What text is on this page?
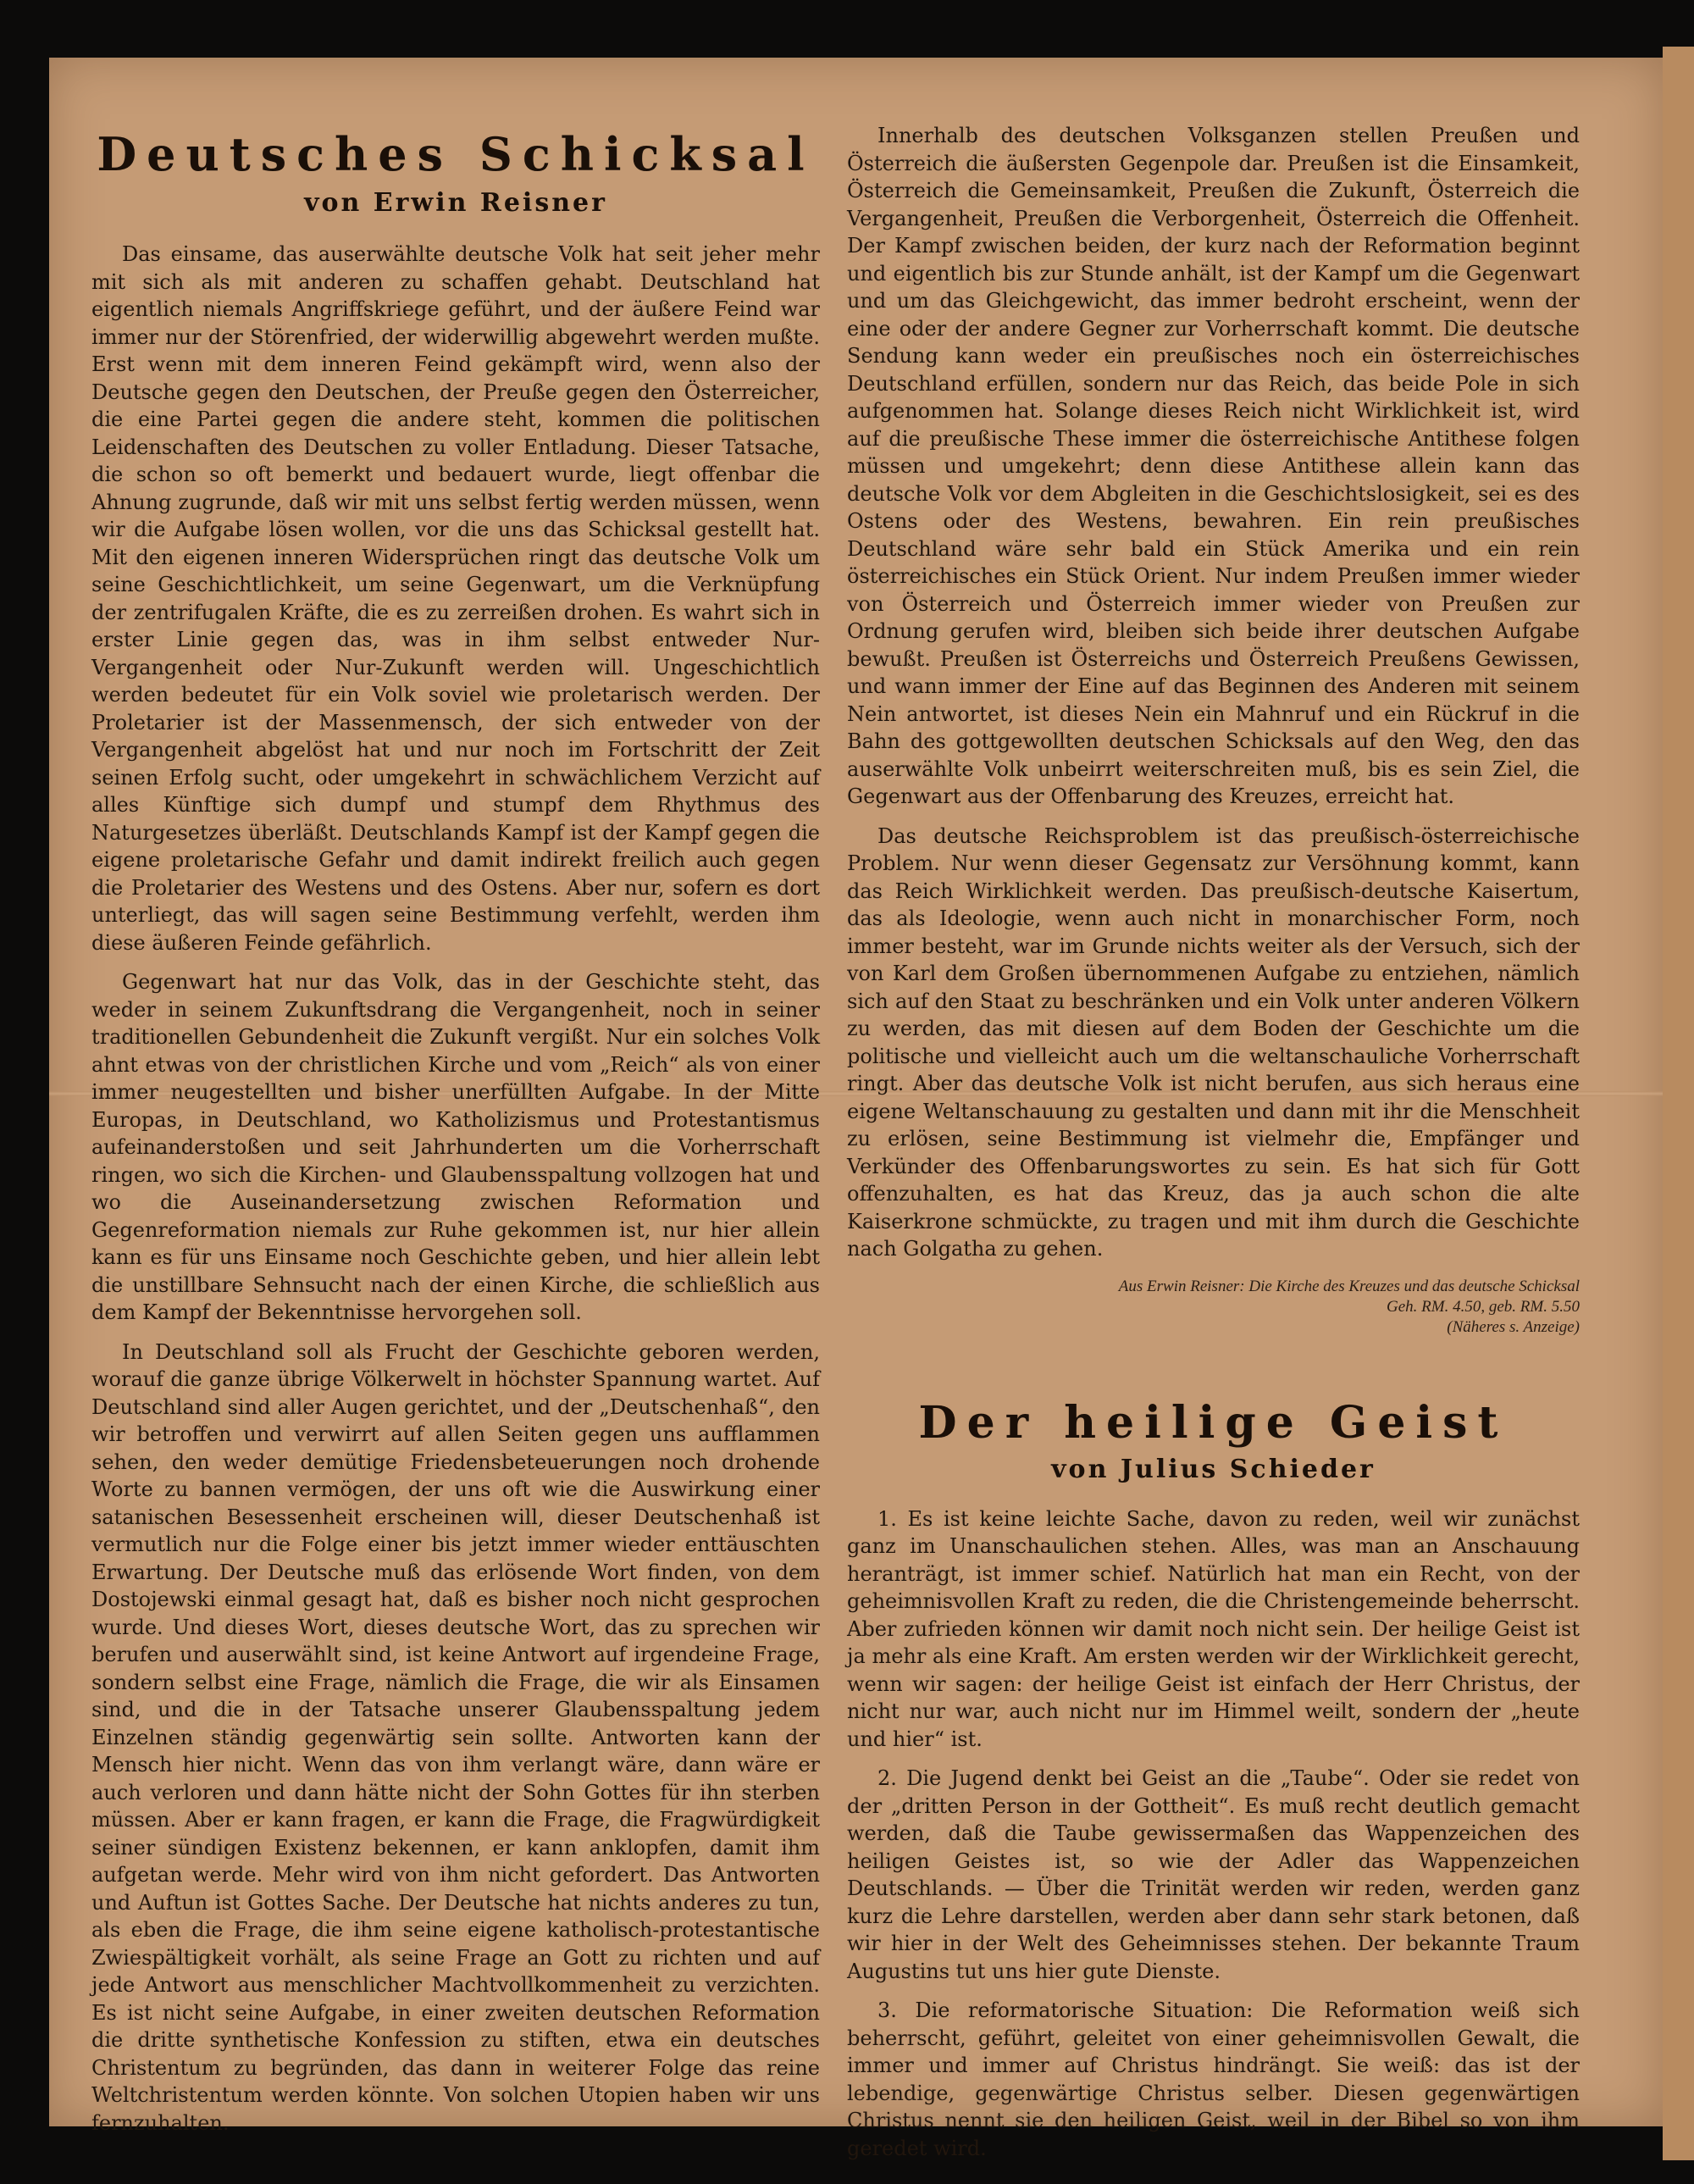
Deutsches Schicksal
von Erwin Reisner

Das einsame, das auserwählte deutsche Volk hat seit jeher mehr mit sich als mit anderen zu schaffen gehabt. Deutschland hat eigentlich niemals Angriffskriege geführt, und der äußere Feind war immer nur der Störenfried, der widerwillig abgewehrt werden mußte. Erst wenn mit dem inneren Feind gekämpft wird, wenn also der Deutsche gegen den Deutschen, der Preuße gegen den Österreicher, die eine Partei gegen die andere steht, kommen die politischen Leidenschaften des Deutschen zu voller Entladung. Dieser Tatsache, die schon so oft bemerkt und bedauert wurde, liegt offenbar die Ahnung zugrunde, daß wir mit uns selbst fertig werden müssen, wenn wir die Aufgabe lösen wollen, vor die uns das Schicksal gestellt hat. Mit den eigenen inneren Widersprüchen ringt das deutsche Volk um seine Geschichtlichkeit, um seine Gegenwart, um die Verknüpfung der zentrifugalen Kräfte, die es zu zerreißen drohen. Es wahrt sich in erster Linie gegen das, was in ihm selbst entweder Nur-Vergangenheit oder Nur-Zukunft werden will. Ungeschichtlich werden bedeutet für ein Volk soviel wie proletarisch werden. Der Proletarier ist der Massenmensch, der sich entweder von der Vergangenheit abgelöst hat und nur noch im Fortschritt der Zeit seinen Erfolg sucht, oder umgekehrt in schwächlichem Verzicht auf alles Künftige sich dumpf und stumpf dem Rhythmus des Naturgesetzes überläßt. Deutschlands Kampf ist der Kampf gegen die eigene proletarische Gefahr und damit indirekt freilich auch gegen die Proletarier des Westens und des Ostens. Aber nur, sofern es dort unterliegt, das will sagen seine Bestimmung verfehlt, werden ihm diese äußeren Feinde gefährlich.

Gegenwart hat nur das Volk, das in der Geschichte steht, das weder in seinem Zukunftsdrang die Vergangenheit, noch in seiner traditionellen Gebundenheit die Zukunft vergißt. Nur ein solches Volk ahnt etwas von der christlichen Kirche und vom „Reich“ als von einer immer neugestellten und bisher unerfüllten Aufgabe. In der Mitte Europas, in Deutschland, wo Katholizismus und Protestantismus aufeinanderstoßen und seit Jahrhunderten um die Vorherrschaft ringen, wo sich die Kirchen- und Glaubensspaltung vollzogen hat und wo die Auseinandersetzung zwischen Reformation und Gegenreformation niemals zur Ruhe gekommen ist, nur hier allein kann es für uns Einsame noch Geschichte geben, und hier allein lebt die unstillbare Sehnsucht nach der einen Kirche, die schließlich aus dem Kampf der Bekenntnisse hervorgehen soll.

In Deutschland soll als Frucht der Geschichte geboren werden, worauf die ganze übrige Völkerwelt in höchster Spannung wartet. Auf Deutschland sind aller Augen gerichtet, und der „Deutschenhaß“, den wir betroffen und verwirrt auf allen Seiten gegen uns aufflammen sehen, den weder demütige Friedensbeteuerungen noch drohende Worte zu bannen vermögen, der uns oft wie die Auswirkung einer satanischen Besessenheit erscheinen will, dieser Deutschenhaß ist vermutlich nur die Folge einer bis jetzt immer wieder enttäuschten Erwartung. Der Deutsche muß das erlösende Wort finden, von dem Dostojewski einmal gesagt hat, daß es bisher noch nicht gesprochen wurde. Und dieses Wort, dieses deutsche Wort, das zu sprechen wir berufen und auserwählt sind, ist keine Antwort auf irgendeine Frage, sondern selbst eine Frage, nämlich die Frage, die wir als Einsamen sind, und die in der Tatsache unserer Glaubensspaltung jedem Einzelnen ständig gegenwärtig sein sollte. Antworten kann der Mensch hier nicht. Wenn das von ihm verlangt wäre, dann wäre er auch verloren und dann hätte nicht der Sohn Gottes für ihn sterben müssen. Aber er kann fragen, er kann die Frage, die Fragwürdigkeit seiner sündigen Existenz bekennen, er kann anklopfen, damit ihm aufgetan werde. Mehr wird von ihm nicht gefordert. Das Antworten und Auftun ist Gottes Sache. Der Deutsche hat nichts anderes zu tun, als eben die Frage, die ihm seine eigene katholisch-protestantische Zwiespältigkeit vorhält, als seine Frage an Gott zu richten und auf jede Antwort aus menschlicher Machtvollkommenheit zu verzichten. Es ist nicht seine Aufgabe, in einer zweiten deutschen Reformation die dritte synthetische Konfession zu stiften, etwa ein deutsches Christentum zu begründen, das dann in weiterer Folge das reine Weltchristentum werden könnte. Von solchen Utopien haben wir uns fernzuhalten.

Innerhalb des deutschen Volksganzen stellen Preußen und Österreich die äußersten Gegenpole dar. Preußen ist die Einsamkeit, Österreich die Gemeinsamkeit, Preußen die Zukunft, Österreich die Vergangenheit, Preußen die Verborgenheit, Österreich die Offenheit. Der Kampf zwischen beiden, der kurz nach der Reformation beginnt und eigentlich bis zur Stunde anhält, ist der Kampf um die Gegenwart und um das Gleichgewicht, das immer bedroht erscheint, wenn der eine oder der andere Gegner zur Vorherrschaft kommt. Die deutsche Sendung kann weder ein preußisches noch ein österreichisches Deutschland erfüllen, sondern nur das Reich, das beide Pole in sich aufgenommen hat. Solange dieses Reich nicht Wirklichkeit ist, wird auf die preußische These immer die österreichische Antithese folgen müssen und umgekehrt; denn diese Antithese allein kann das deutsche Volk vor dem Abgleiten in die Geschichtslosigkeit, sei es des Ostens oder des Westens, bewahren. Ein rein preußisches Deutschland wäre sehr bald ein Stück Amerika und ein rein österreichisches ein Stück Orient. Nur indem Preußen immer wieder von Österreich und Österreich immer wieder von Preußen zur Ordnung gerufen wird, bleiben sich beide ihrer deutschen Aufgabe bewußt. Preußen ist Österreichs und Österreich Preußens Gewissen, und wann immer der Eine auf das Beginnen des Anderen mit seinem Nein antwortet, ist dieses Nein ein Mahnruf und ein Rückruf in die Bahn des gottgewollten deutschen Schicksals auf den Weg, den das auserwählte Volk unbeirrt weiterschreiten muß, bis es sein Ziel, die Gegenwart aus der Offenbarung des Kreuzes, erreicht hat.

Das deutsche Reichsproblem ist das preußisch-österreichische Problem. Nur wenn dieser Gegensatz zur Versöhnung kommt, kann das Reich Wirklichkeit werden. Das preußisch-deutsche Kaisertum, das als Ideologie, wenn auch nicht in monarchischer Form, noch immer besteht, war im Grunde nichts weiter als der Versuch, sich der von Karl dem Großen übernommenen Aufgabe zu entziehen, nämlich sich auf den Staat zu beschränken und ein Volk unter anderen Völkern zu werden, das mit diesen auf dem Boden der Geschichte um die politische und vielleicht auch um die weltanschauliche Vorherrschaft ringt. Aber das deutsche Volk ist nicht berufen, aus sich heraus eine eigene Weltanschauung zu gestalten und dann mit ihr die Menschheit zu erlösen, seine Bestimmung ist vielmehr die, Empfänger und Verkünder des Offenbarungswortes zu sein. Es hat sich für Gott offenzuhalten, es hat das Kreuz, das ja auch schon die alte Kaiserkrone schmückte, zu tragen und mit ihm durch die Geschichte nach Golgatha zu gehen.

Aus Erwin Reisner: Die Kirche des Kreuzes und das deutsche Schicksal
Geh. RM. 4.50, geb. RM. 5.50
(Näheres s. Anzeige)
Der heilige Geist
von Julius Schieder

1. Es ist keine leichte Sache, davon zu reden, weil wir zunächst ganz im Unanschaulichen stehen. Alles, was man an Anschauung heranträgt, ist immer schief. Natürlich hat man ein Recht, von der geheimnisvollen Kraft zu reden, die die Christengemeinde beherrscht. Aber zufrieden können wir damit noch nicht sein. Der heilige Geist ist ja mehr als eine Kraft. Am ersten werden wir der Wirklichkeit gerecht, wenn wir sagen: der heilige Geist ist einfach der Herr Christus, der nicht nur war, auch nicht nur im Himmel weilt, sondern der „heute und hier“ ist.

2. Die Jugend denkt bei Geist an die „Taube“. Oder sie redet von der „dritten Person in der Gottheit“. Es muß recht deutlich gemacht werden, daß die Taube gewissermaßen das Wappenzeichen des heiligen Geistes ist, so wie der Adler das Wappenzeichen Deutschlands. — Über die Trinität werden wir reden, werden ganz kurz die Lehre darstellen, werden aber dann sehr stark betonen, daß wir hier in der Welt des Geheimnisses stehen. Der bekannte Traum Augustins tut uns hier gute Dienste.

3. Die reformatorische Situation: Die Reformation weiß sich beherrscht, geführt, geleitet von einer geheimnisvollen Gewalt, die immer und immer auf Christus hindrängt. Sie weiß: das ist der lebendige, gegenwärtige Christus selber. Diesen gegenwärtigen Christus nennt sie den heiligen Geist, weil in der Bibel so von ihm geredet wird.
